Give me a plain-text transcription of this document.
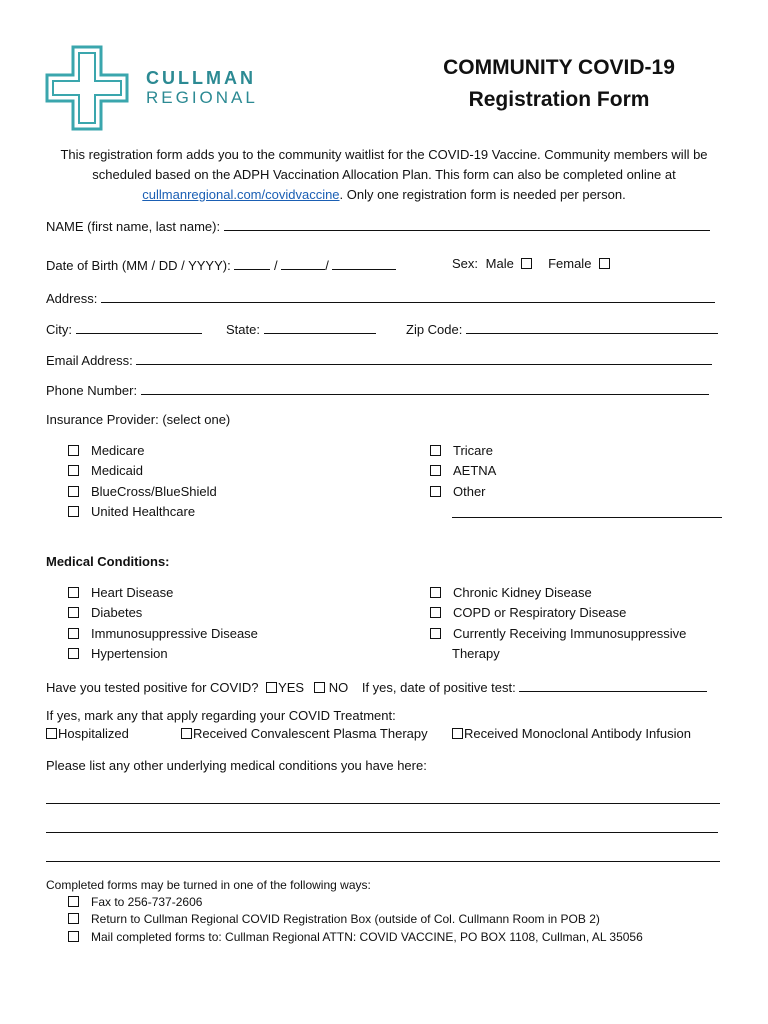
CULLMAN
REGIONAL
COMMUNITY COVID-19
Registration Form
This registration form adds you to the community waitlist for the COVID-19 Vaccine. Community members will be scheduled based on the ADPH Vaccination Allocation Plan. This form can also be completed online at cullmanregional.com/covidvaccine. Only one registration form is needed per person.
NAME (first name, last name):
Date of Birth (MM / DD / YYYY):	/	/	Sex: Male	Female
Address:
City:	State:	Zip Code:
Email Address:
Phone Number:
Insurance Provider: (select one)
Medicare
Medicaid
BlueCross/BlueShield
United Healthcare
Tricare
AETNA
Other
Medical Conditions:
Heart Disease
Diabetes
Immunosuppressive Disease
Hypertension
Chronic Kidney Disease
COPD or Respiratory Disease
Currently Receiving Immunosuppressive
Therapy
Have you tested positive for COVID? YES NO If yes, date of positive test:
If yes, mark any that apply regarding your COVID Treatment:
Hospitalized	Received Convalescent Plasma Therapy	Received Monoclonal Antibody Infusion
Please list any other underlying medical conditions you have here:
Completed forms may be turned in one of the following ways:
Fax to 256-737-2606
Return to Cullman Regional COVID Registration Box (outside of Col. Cullmann Room in POB 2)
Mail completed forms to: Cullman Regional ATTN: COVID VACCINE, PO BOX 1108, Cullman, AL 35056
